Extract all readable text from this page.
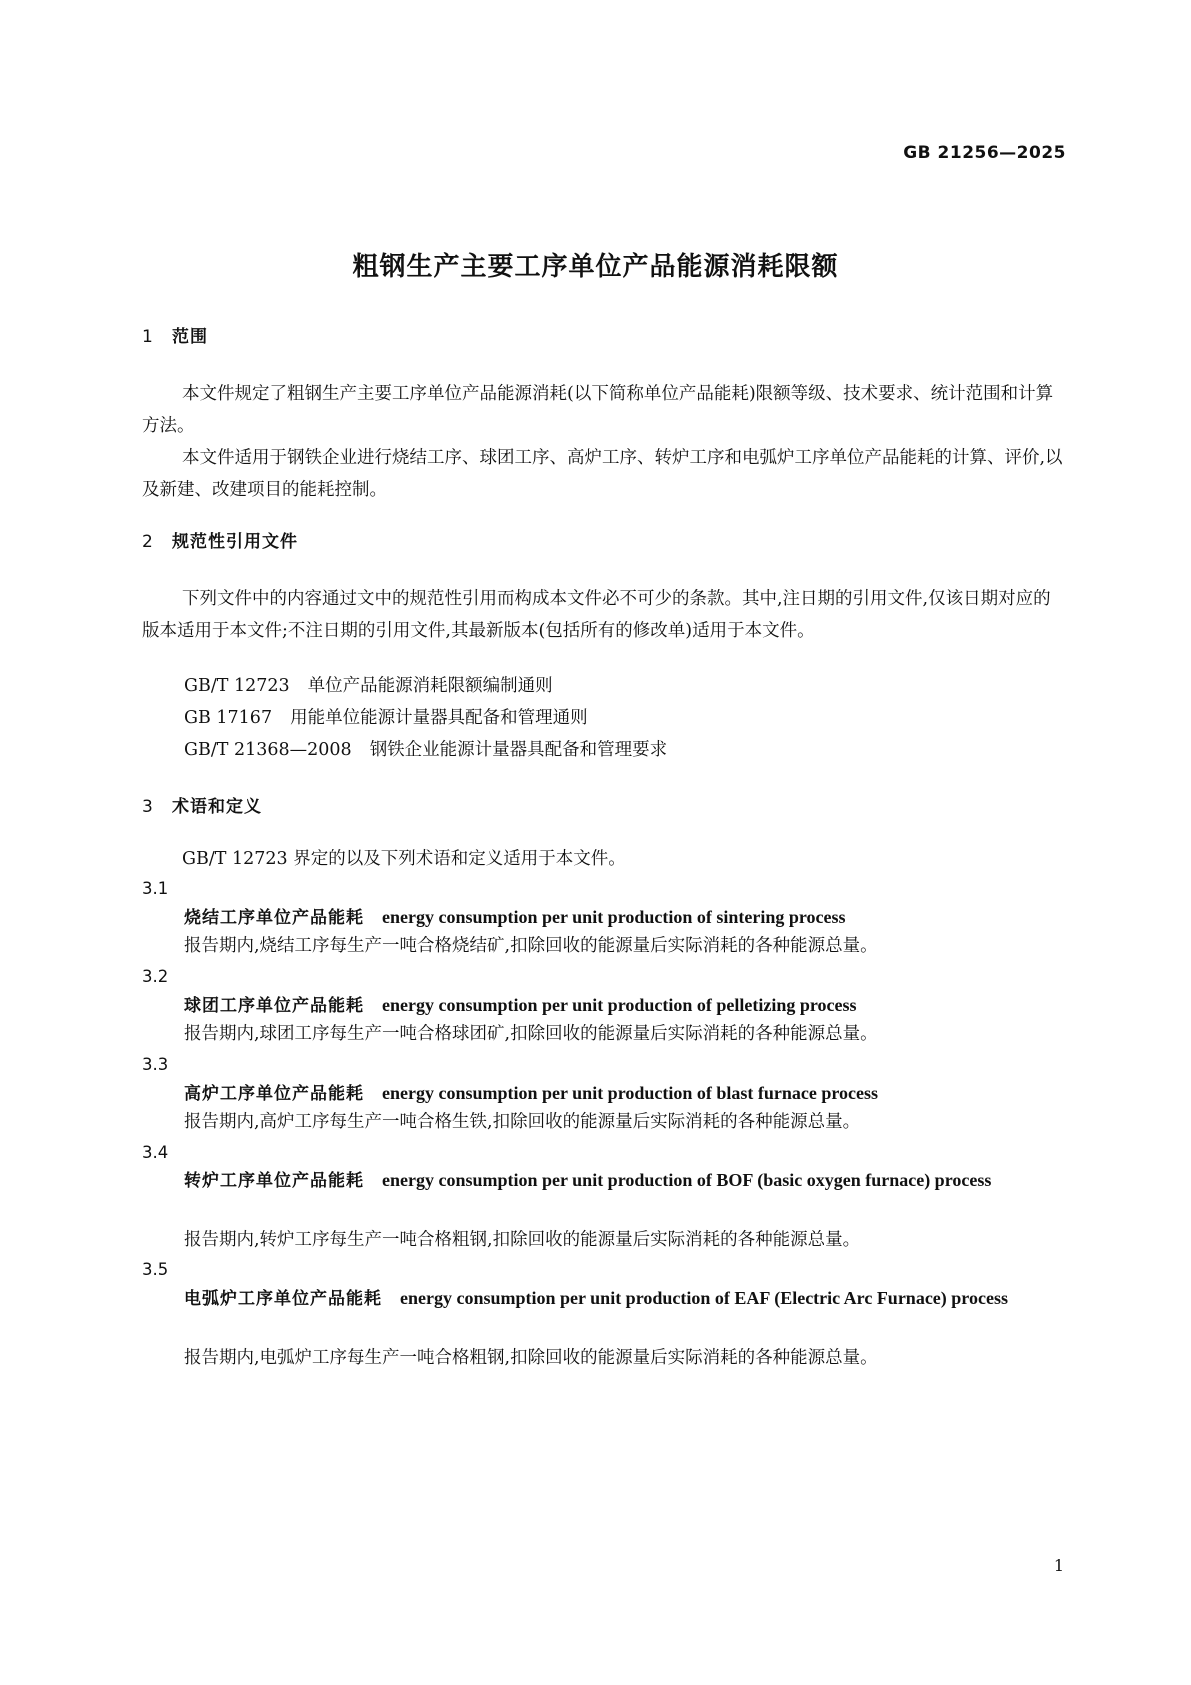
GB 21256—2025
粗钢生产主要工序单位产品能源消耗限额
1 范围
本文件规定了粗钢生产主要工序单位产品能源消耗(以下简称单位产品能耗)限额等级、技术要求、统计范围和计算方法。
本文件适用于钢铁企业进行烧结工序、球团工序、高炉工序、转炉工序和电弧炉工序单位产品能耗的计算、评价,以及新建、改建项目的能耗控制。
2 规范性引用文件
下列文件中的内容通过文中的规范性引用而构成本文件必不可少的条款。其中,注日期的引用文件,仅该日期对应的版本适用于本文件;不注日期的引用文件,其最新版本(包括所有的修改单)适用于本文件。
GB/T 12723 单位产品能源消耗限额编制通则
GB 17167 用能单位能源计量器具配备和管理通则
GB/T 21368—2008 钢铁企业能源计量器具配备和管理要求
3 术语和定义
GB/T 12723 界定的以及下列术语和定义适用于本文件。
3.1
烧结工序单位产品能耗 energy consumption per unit production of sintering process
报告期内,烧结工序每生产一吨合格烧结矿,扣除回收的能源量后实际消耗的各种能源总量。
3.2
球团工序单位产品能耗 energy consumption per unit production of pelletizing process
报告期内,球团工序每生产一吨合格球团矿,扣除回收的能源量后实际消耗的各种能源总量。
3.3
高炉工序单位产品能耗 energy consumption per unit production of blast furnace process
报告期内,高炉工序每生产一吨合格生铁,扣除回收的能源量后实际消耗的各种能源总量。
3.4
转炉工序单位产品能耗 energy consumption per unit production of BOF (basic oxygen furnace) process
报告期内,转炉工序每生产一吨合格粗钢,扣除回收的能源量后实际消耗的各种能源总量。
3.5
电弧炉工序单位产品能耗 energy consumption per unit production of EAF (Electric Arc Furnace) process
报告期内,电弧炉工序每生产一吨合格粗钢,扣除回收的能源量后实际消耗的各种能源总量。
1
